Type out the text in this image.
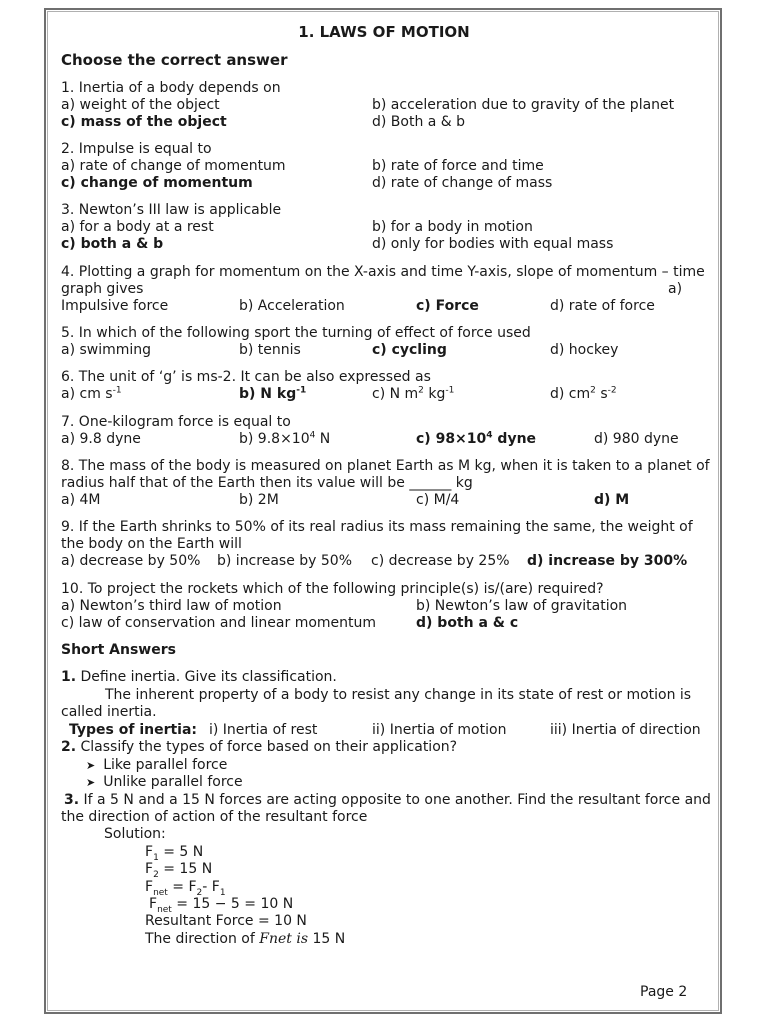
1. LAWS OF MOTION
Choose the correct answer
1. Inertia of a body depends on
a) weight of the object	b) acceleration due to gravity of the planet
c) mass of the object	d) Both a & b
2. Impulse is equal to
a) rate of change of momentum	b) rate of force and time
c) change of momentum	d) rate of change of mass
3. Newton’s III law is applicable
a) for a body at a rest	b) for a body in motion
c) both a & b	d) only for bodies with equal mass
4. Plotting a graph for momentum on the X-axis and time Y-axis, slope of momentum – time
graph gives	a)
Impulsive force	b) Acceleration	c) Force	d) rate of force
5. In which of the following sport the turning of effect of force used
a) swimming	b) tennis	c) cycling	d) hockey
6. The unit of ‘g’ is ms-2. It can be also expressed as
a) cm $s^{-1}$	b) N $kg^{-1}$	c) N $m^2$ $kg^{-1}$	d) $cm^2$ $s^{-2}$
7. One-kilogram force is equal to
a) 9.8 dyne	b) $9.8\times 10^4$ N	c) $98\times 10^4$ dyne	d) 980 dyne
8. The mass of the body is measured on planet Earth as M kg, when it is taken to a planet of
radius half that of the Earth then its value will be ______ kg
a) 4M	b) 2M	c) M/4	d) M
9. If the Earth shrinks to 50% of its real radius its mass remaining the same, the weight of
the body on the Earth will
a) decrease by 50% b) increase by 50% c) decrease by 25% d) increase by 300%
10. To project the rockets which of the following principle(s) is/(are) required?
a) Newton’s third law of motion	b) Newton’s law of gravitation
c) law of conservation and linear momentum	d) both a & c
Short Answers
1. Define inertia. Give its classification.
The inherent property of a body to resist any change in its state of rest or motion is
called inertia.
Types of inertia: i) Inertia of rest	ii) Inertia of motion	iii) Inertia of direction
2. Classify the types of force based on their application?
➤ Like parallel force
➤ Unlike parallel force
3. If a 5 N and a 15 N forces are acting opposite to one another. Find the resultant force and
the direction of action of the resultant force
Solution:
$F_1 = 5$ N
$F_2 = 15$ N
$F_{net} = F_2-$ $F_1$
$F_{net} = 15 - 5 = 10$ N
Resultant Force = 10 N
The direction of Fnet is 15 N
Page 2
